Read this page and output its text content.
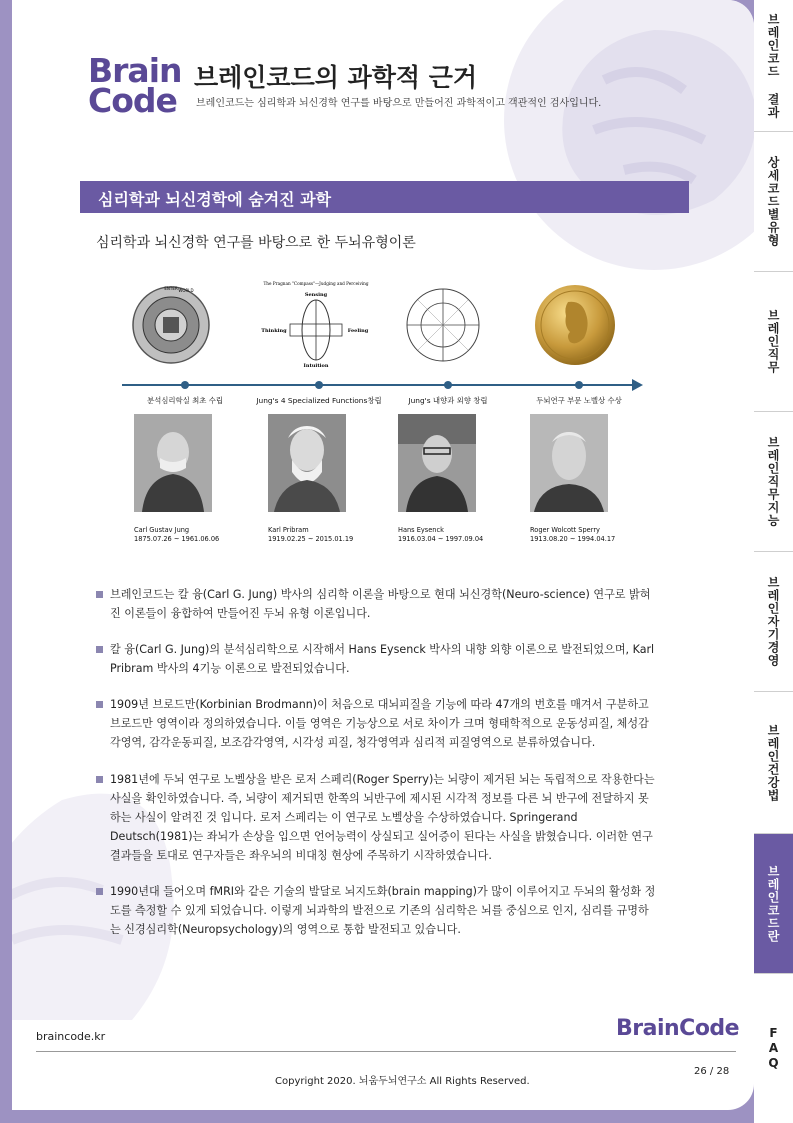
Brain
Code
브레인코드의 과학적 근거
브레인코드는 심리학과 뇌신경학 연구를 바탕으로 만들어진 과학적이고 객관적인 검사입니다.
심리학과 뇌신경학에 숨겨진 과학
심리학과 뇌신경학 연구를 바탕으로 한 두뇌유형이론
ENTER WORLD
The Pragnan "Compass"—Judging and Perceiving
Sensing
Thinking	Feeling
Intuition
분석심리학실 최초 수립	Jung's 4 Specialized Functions창립	Jung's 내향과 외향 창립	두뇌연구 부문 노벨상 수상
Carl Gustav Jung
1875.07.26 ~ 1961.06.06
Karl Pribram
1919.02.25 ~ 2015.01.19
Hans Eysenck
1916.03.04 ~ 1997.09.04
Roger Wolcott Sperry
1913.08.20 ~ 1994.04.17
브레인코드는 칼 융(Carl G. Jung) 박사의 심리학 이론을 바탕으로 현대 뇌신경학(Neuro-science) 연구로 밝혀진 이론들이 융합하여 만들어진 두뇌 유형 이론입니다.
칼 융(Carl G. Jung)의 분석심리학으로 시작해서 Hans Eysenck 박사의 내향 외향 이론으로 발전되었으며, Karl Pribram 박사의 4기능 이론으로 발전되었습니다.
1909년 브로드만(Korbinian Brodmann)이 처음으로 대뇌피질을 기능에 따라 47개의 번호를 매겨서 구분하고 브로드만 영역이라 정의하였습니다. 이들 영역은 기능상으로 서로 차이가 크며 형태학적으로 운동성피질, 체성감각영역, 감각운동피질, 보조감각영역, 시각성 피질, 청각영역과 심리적 피질영역으로 분류하였습니다.
1981년에 두뇌 연구로 노벨상을 받은 로저 스페리(Roger Sperry)는 뇌량이 제거된 뇌는 독립적으로 작용한다는 사실을 확인하였습니다. 즉, 뇌량이 제거되면 한쪽의 뇌반구에 제시된 시각적 정보를 다른 뇌 반구에 전달하지 못하는 사실이 알려진 것 입니다. 로저 스페리는 이 연구로 노벨상을 수상하였습니다. Springerand Deutsch(1981)는 좌뇌가 손상을 입으면 언어능력이 상실되고 실어증이 된다는 사실을 밝혔습니다. 이러한 연구 결과들을 토대로 연구자들은 좌우뇌의 비대칭 현상에 주목하기 시작하였습니다.
1990년대 들어오며 fMRI와 같은 기술의 발달로 뇌지도화(brain mapping)가 많이 이루어지고 두뇌의 활성화 정도를 측정할 수 있게 되었습니다. 이렇게 뇌과학의 발전으로 기존의 심리학은 뇌를 중심으로 인지, 심리를 규명하는 신경심리학(Neuropsychology)의 영역으로 통합 발전되고 있습니다.
braincode.kr	BrainCode
Copyright 2020. 뇌움두뇌연구소 All Rights Reserved.
26 / 28
브레인코드 결과
상세코드별유형
브레인직무
브레인직무지능
브레인자기경영
브레인건강법
브레인코드란
FAQ
